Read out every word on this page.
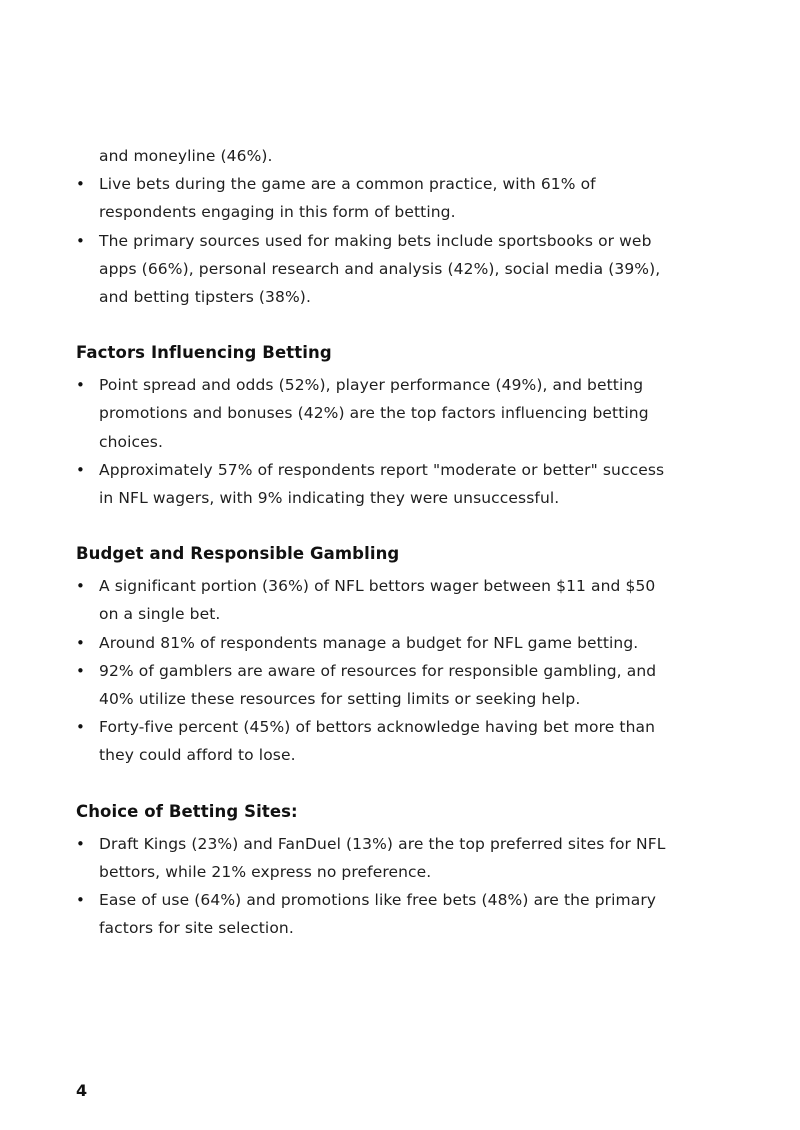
and moneyline (46%).

• Live bets during the game are a common practice, with 61% of respondents engaging in this form of betting.
• The primary sources used for making bets include sportsbooks or web apps (66%), personal research and analysis (42%), social media (39%), and betting tipsters (38%).
Factors Influencing Betting
• Point spread and odds (52%), player performance (49%), and betting promotions and bonuses (42%) are the top factors influencing betting choices.
• Approximately 57% of respondents report "moderate or better" success in NFL wagers, with 9% indicating they were unsuccessful.
Budget and Responsible Gambling
• A significant portion (36%) of NFL bettors wager between $11 and $50 on a single bet.
• Around 81% of respondents manage a budget for NFL game betting.
• 92% of gamblers are aware of resources for responsible gambling, and 40% utilize these resources for setting limits or seeking help.
• Forty-five percent (45%) of bettors acknowledge having bet more than they could afford to lose.
Choice of Betting Sites:
• Draft Kings (23%) and FanDuel (13%) are the top preferred sites for NFL bettors, while 21% express no preference.
• Ease of use (64%) and promotions like free bets (48%) are the primary factors for site selection.
4
